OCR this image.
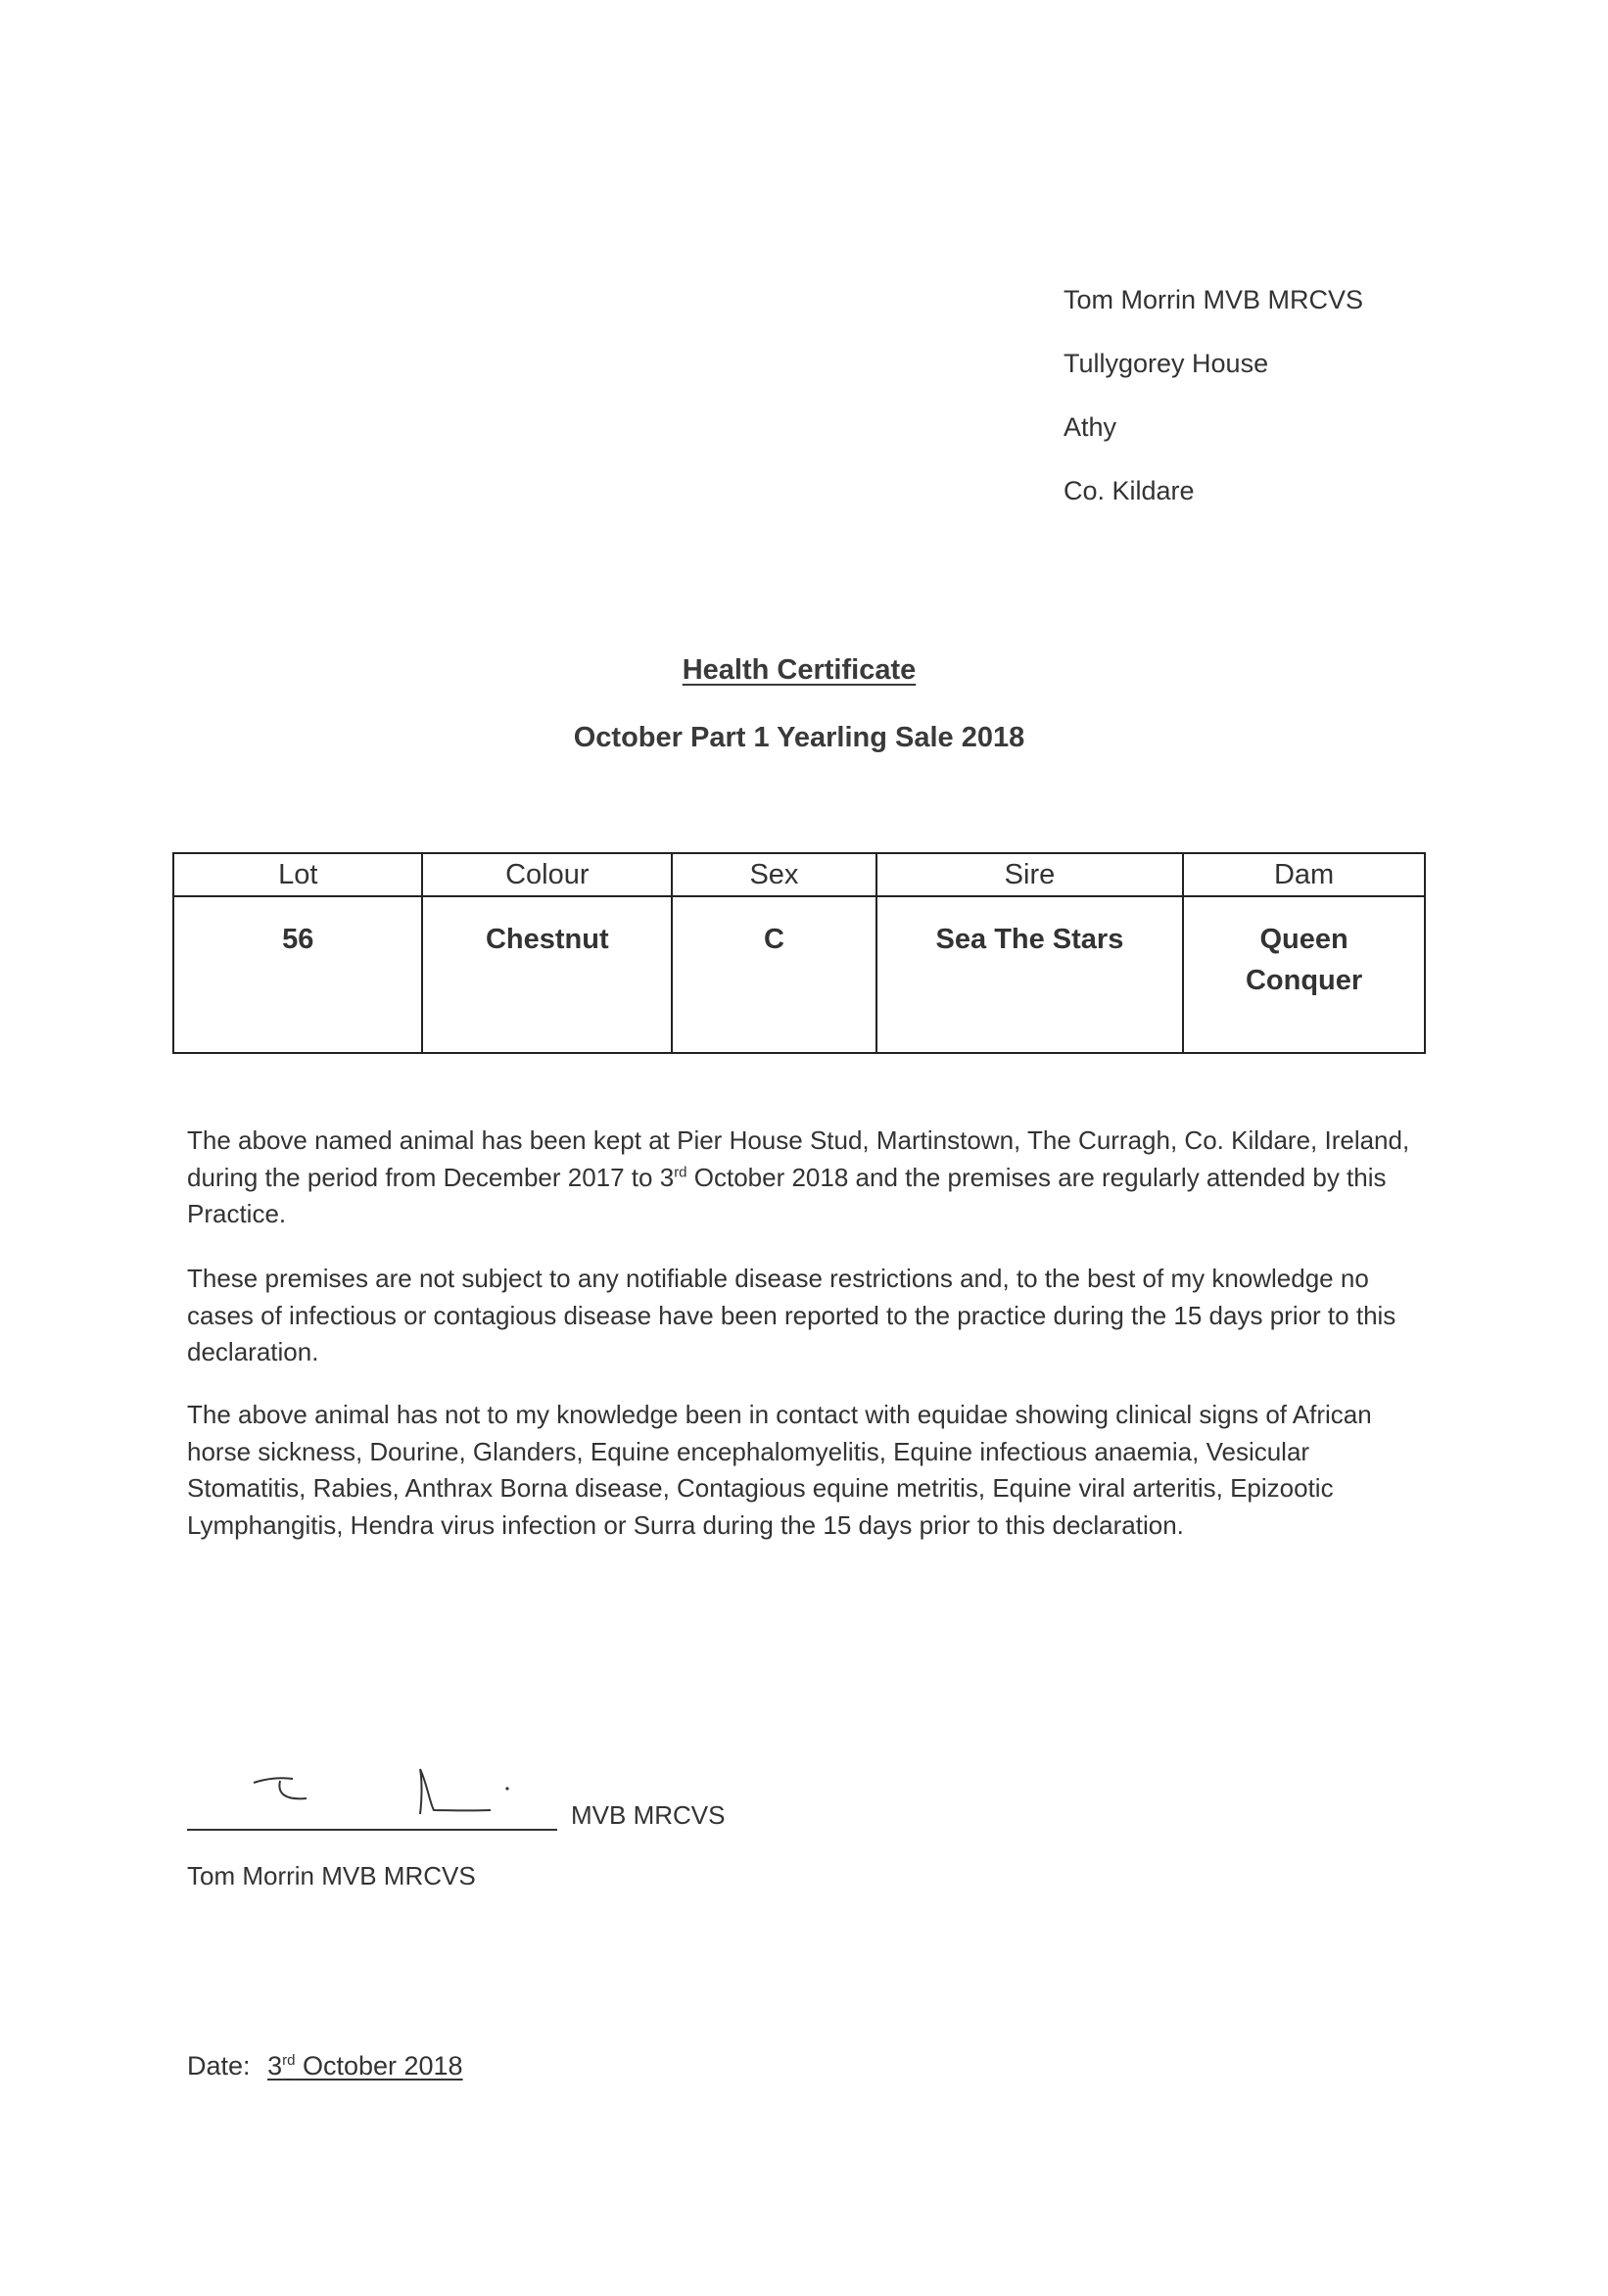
Tom Morrin MVB MRCVS
Tullygorey House
Athy
Co. Kildare
Health Certificate
October Part 1 Yearling Sale 2018
Lot	Colour	Sex	Sire	Dam
56	Chestnut	C	Sea The Stars	Queen Conquer

The above named animal has been kept at Pier House Stud, Martinstown, The Curragh, Co. Kildare, Ireland, during the period from December 2017 to 3rd October 2018 and the premises are regularly attended by this Practice.

These premises are not subject to any notifiable disease restrictions and, to the best of my knowledge no cases of infectious or contagious disease have been reported to the practice during the 15 days prior to this declaration.

The above animal has not to my knowledge been in contact with equidae showing clinical signs of African horse sickness, Dourine, Glanders, Equine encephalomyelitis, Equine infectious anaemia, Vesicular Stomatitis, Rabies, Anthrax Borna disease, Contagious equine metritis, Equine viral arteritis, Epizootic Lymphangitis, Hendra virus infection or Surra during the 15 days prior to this declaration.

MVB MRCVS
Tom Morrin MVB MRCVS
Date: 3rd October 2018
